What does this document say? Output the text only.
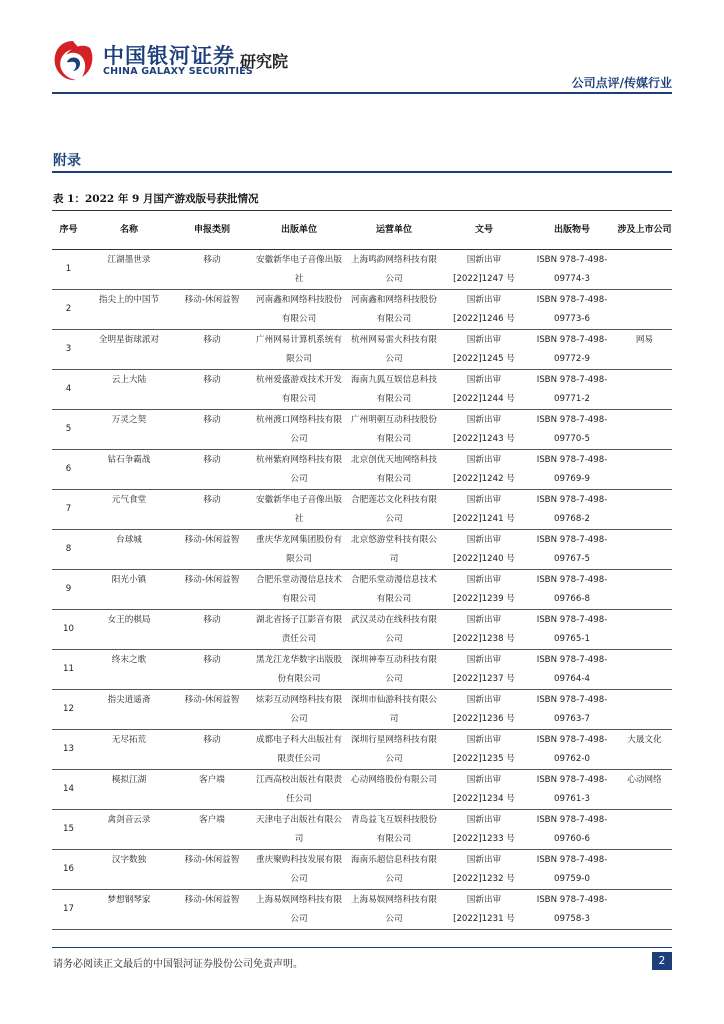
中国银河证券
CHINA GALAXY SECURITIES
研究院
公司点评/传媒行业
附录
表 1：2022 年 9 月国产游戏版号获批情况
序号	名称	申报类别	出版单位	运营单位	文号	出版物号	涉及上市公司

1	江湖墨世录	移动	安徽新华电子音像出版社	上海鸣韵网络科技有限公司	国新出审[2022]1247 号	ISBN 978-7-498-09774-3	

2	指尖上的中国节	移动-休闲益智	河南鑫和网络科技股份有限公司	河南鑫和网络科技股份有限公司	国新出审[2022]1246 号	ISBN 978-7-498-09773-6	

3	全明星街球派对	移动	广州网易计算机系统有限公司	杭州网易雷火科技有限公司	国新出审[2022]1245 号	ISBN 978-7-498-09772-9	网易

4	云上大陆	移动	杭州爱盛游戏技术开发有限公司	海南九狐互娱信息科技有限公司	国新出审[2022]1244 号	ISBN 978-7-498-09771-2	

5	万灵之契	移动	杭州渡口网络科技有限公司	广州明朝互动科技股份有限公司	国新出审[2022]1243 号	ISBN 978-7-498-09770-5	

6	钻石争霸战	移动	杭州紫府网络科技有限公司	北京创优天地网络科技有限公司	国新出审[2022]1242 号	ISBN 978-7-498-09769-9	

7	元气食堂	移动	安徽新华电子音像出版社	合肥莲芯文化科技有限公司	国新出审[2022]1241 号	ISBN 978-7-498-09768-2	

8	台球城	移动-休闲益智	重庆华龙网集团股份有限公司	北京悠游堂科技有限公司	国新出审[2022]1240 号	ISBN 978-7-498-09767-5	

9	阳光小镇	移动-休闲益智	合肥乐堂动漫信息技术有限公司	合肥乐堂动漫信息技术有限公司	国新出审[2022]1239 号	ISBN 978-7-498-09766-8	

10	女王的棋局	移动	湖北省扬子江影音有限责任公司	武汉灵动在线科技有限公司	国新出审[2022]1238 号	ISBN 978-7-498-09765-1	

11	终末之歌	移动	黑龙江龙华数字出版股份有限公司	深圳神奉互动科技有限公司	国新出审[2022]1237 号	ISBN 978-7-498-09764-4	

12	指尖逍遥斋	移动-休闲益智	炫彩互动网络科技有限公司	深圳市仙游科技有限公司	国新出审[2022]1236 号	ISBN 978-7-498-09763-7	

13	无尽拓荒	移动	成都电子科大出版社有限责任公司	深圳行星网络科技有限公司	国新出审[2022]1235 号	ISBN 978-7-498-09762-0	大晟文化

14	模拟江湖	客户端	江西高校出版社有限责任公司	心动网络股份有限公司	国新出审[2022]1234 号	ISBN 978-7-498-09761-3	心动网络

15	禽剑音云录	客户端	天津电子出版社有限公司	青岛益飞互娱科技股份有限公司	国新出审[2022]1233 号	ISBN 978-7-498-09760-6	

16	汉字数独	移动-休闲益智	重庆聚购科技发展有限公司	海南乐超信息科技有限公司	国新出审[2022]1232 号	ISBN 978-7-498-09759-0	

17	梦想钢琴家	移动-休闲益智	上海易娱网络科技有限公司	上海易娱网络科技有限公司	国新出审[2022]1231 号	ISBN 978-7-498-09758-3	

请务必阅读正文最后的中国银河证券股份公司免责声明。	2
